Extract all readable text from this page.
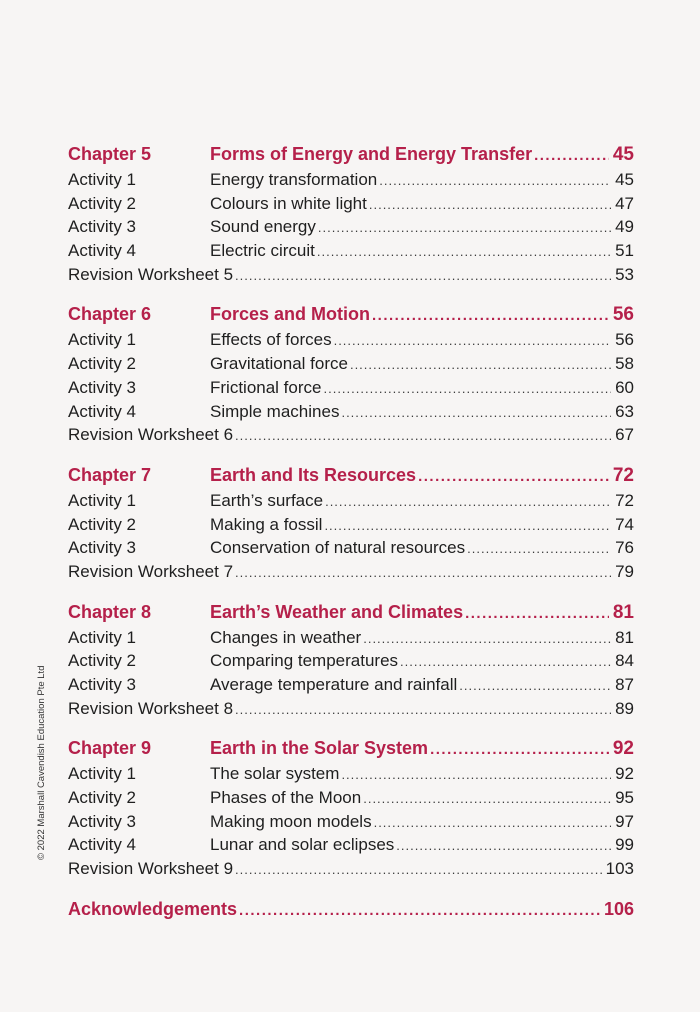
Chapter 5	Forms of Energy and Energy Transfer .....	45
Activity 1	Energy transformation .....	45
Activity 2	Colours in white light .....	47
Activity 3	Sound energy .....	49
Activity 4	Electric circuit .....	51
Revision Worksheet 5 .....	53
Chapter 6	Forces and Motion .....	56
Activity 1	Effects of forces .....	56
Activity 2	Gravitational force .....	58
Activity 3	Frictional force .....	60
Activity 4	Simple machines .....	63
Revision Worksheet 6 .....	67
Chapter 7	Earth and Its Resources .....	72
Activity 1	Earth’s surface .....	72
Activity 2	Making a fossil .....	74
Activity 3	Conservation of natural resources .....	76
Revision Worksheet 7 .....	79
Chapter 8	Earth’s Weather and Climates .....	81
Activity 1	Changes in weather .....	81
Activity 2	Comparing temperatures .....	84
Activity 3	Average temperature and rainfall .....	87
Revision Worksheet 8 .....	89
Chapter 9	Earth in the Solar System .....	92
Activity 1	The solar system .....	92
Activity 2	Phases of the Moon .....	95
Activity 3	Making moon models .....	97
Activity 4	Lunar and solar eclipses .....	99
Revision Worksheet 9 .....	103
Acknowledgements .....	106
© 2022 Marshall Cavendish Education Pte Ltd
